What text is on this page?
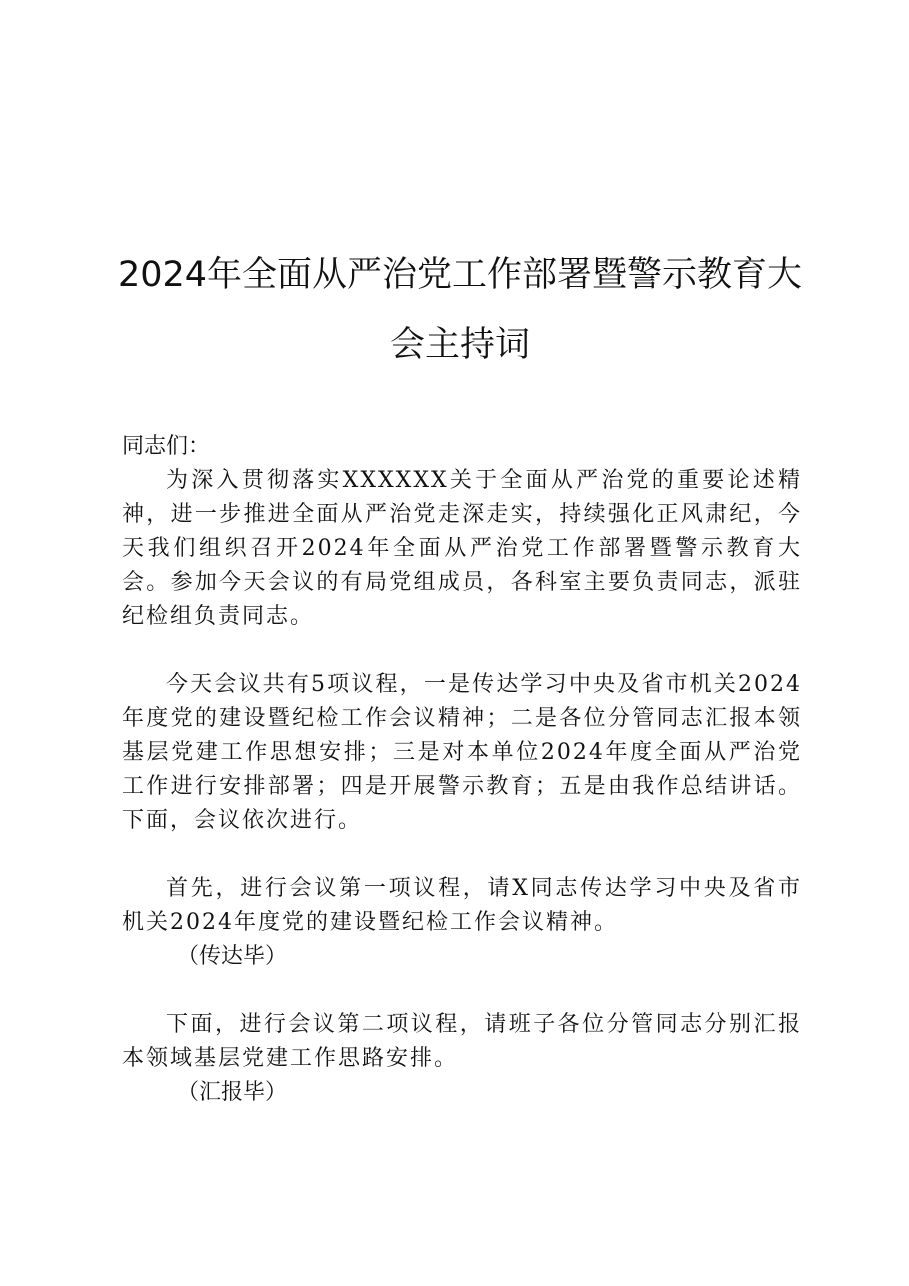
2024年全面从严治党工作部署暨警示教育大
会主持词

同志们：

为深入贯彻落实XXXXXX关于全面从严治党的重要论述精神，进一步推进全面从严治党走深走实，持续强化正风肃纪，今天我们组织召开2024年全面从严治党工作部署暨警示教育大会。参加今天会议的有局党组成员，各科室主要负责同志，派驻纪检组负责同志。

今天会议共有5项议程，一是传达学习中央及省市机关2024年度党的建设暨纪检工作会议精神；二是各位分管同志汇报本领基层党建工作思想安排；三是对本单位2024年度全面从严治党工作进行安排部署；四是开展警示教育；五是由我作总结讲话。下面，会议依次进行。

首先，进行会议第一项议程，请X同志传达学习中央及省市机关2024年度党的建设暨纪检工作会议精神。

（传达毕）

下面，进行会议第二项议程，请班子各位分管同志分别汇报本领域基层党建工作思路安排。

（汇报毕）
